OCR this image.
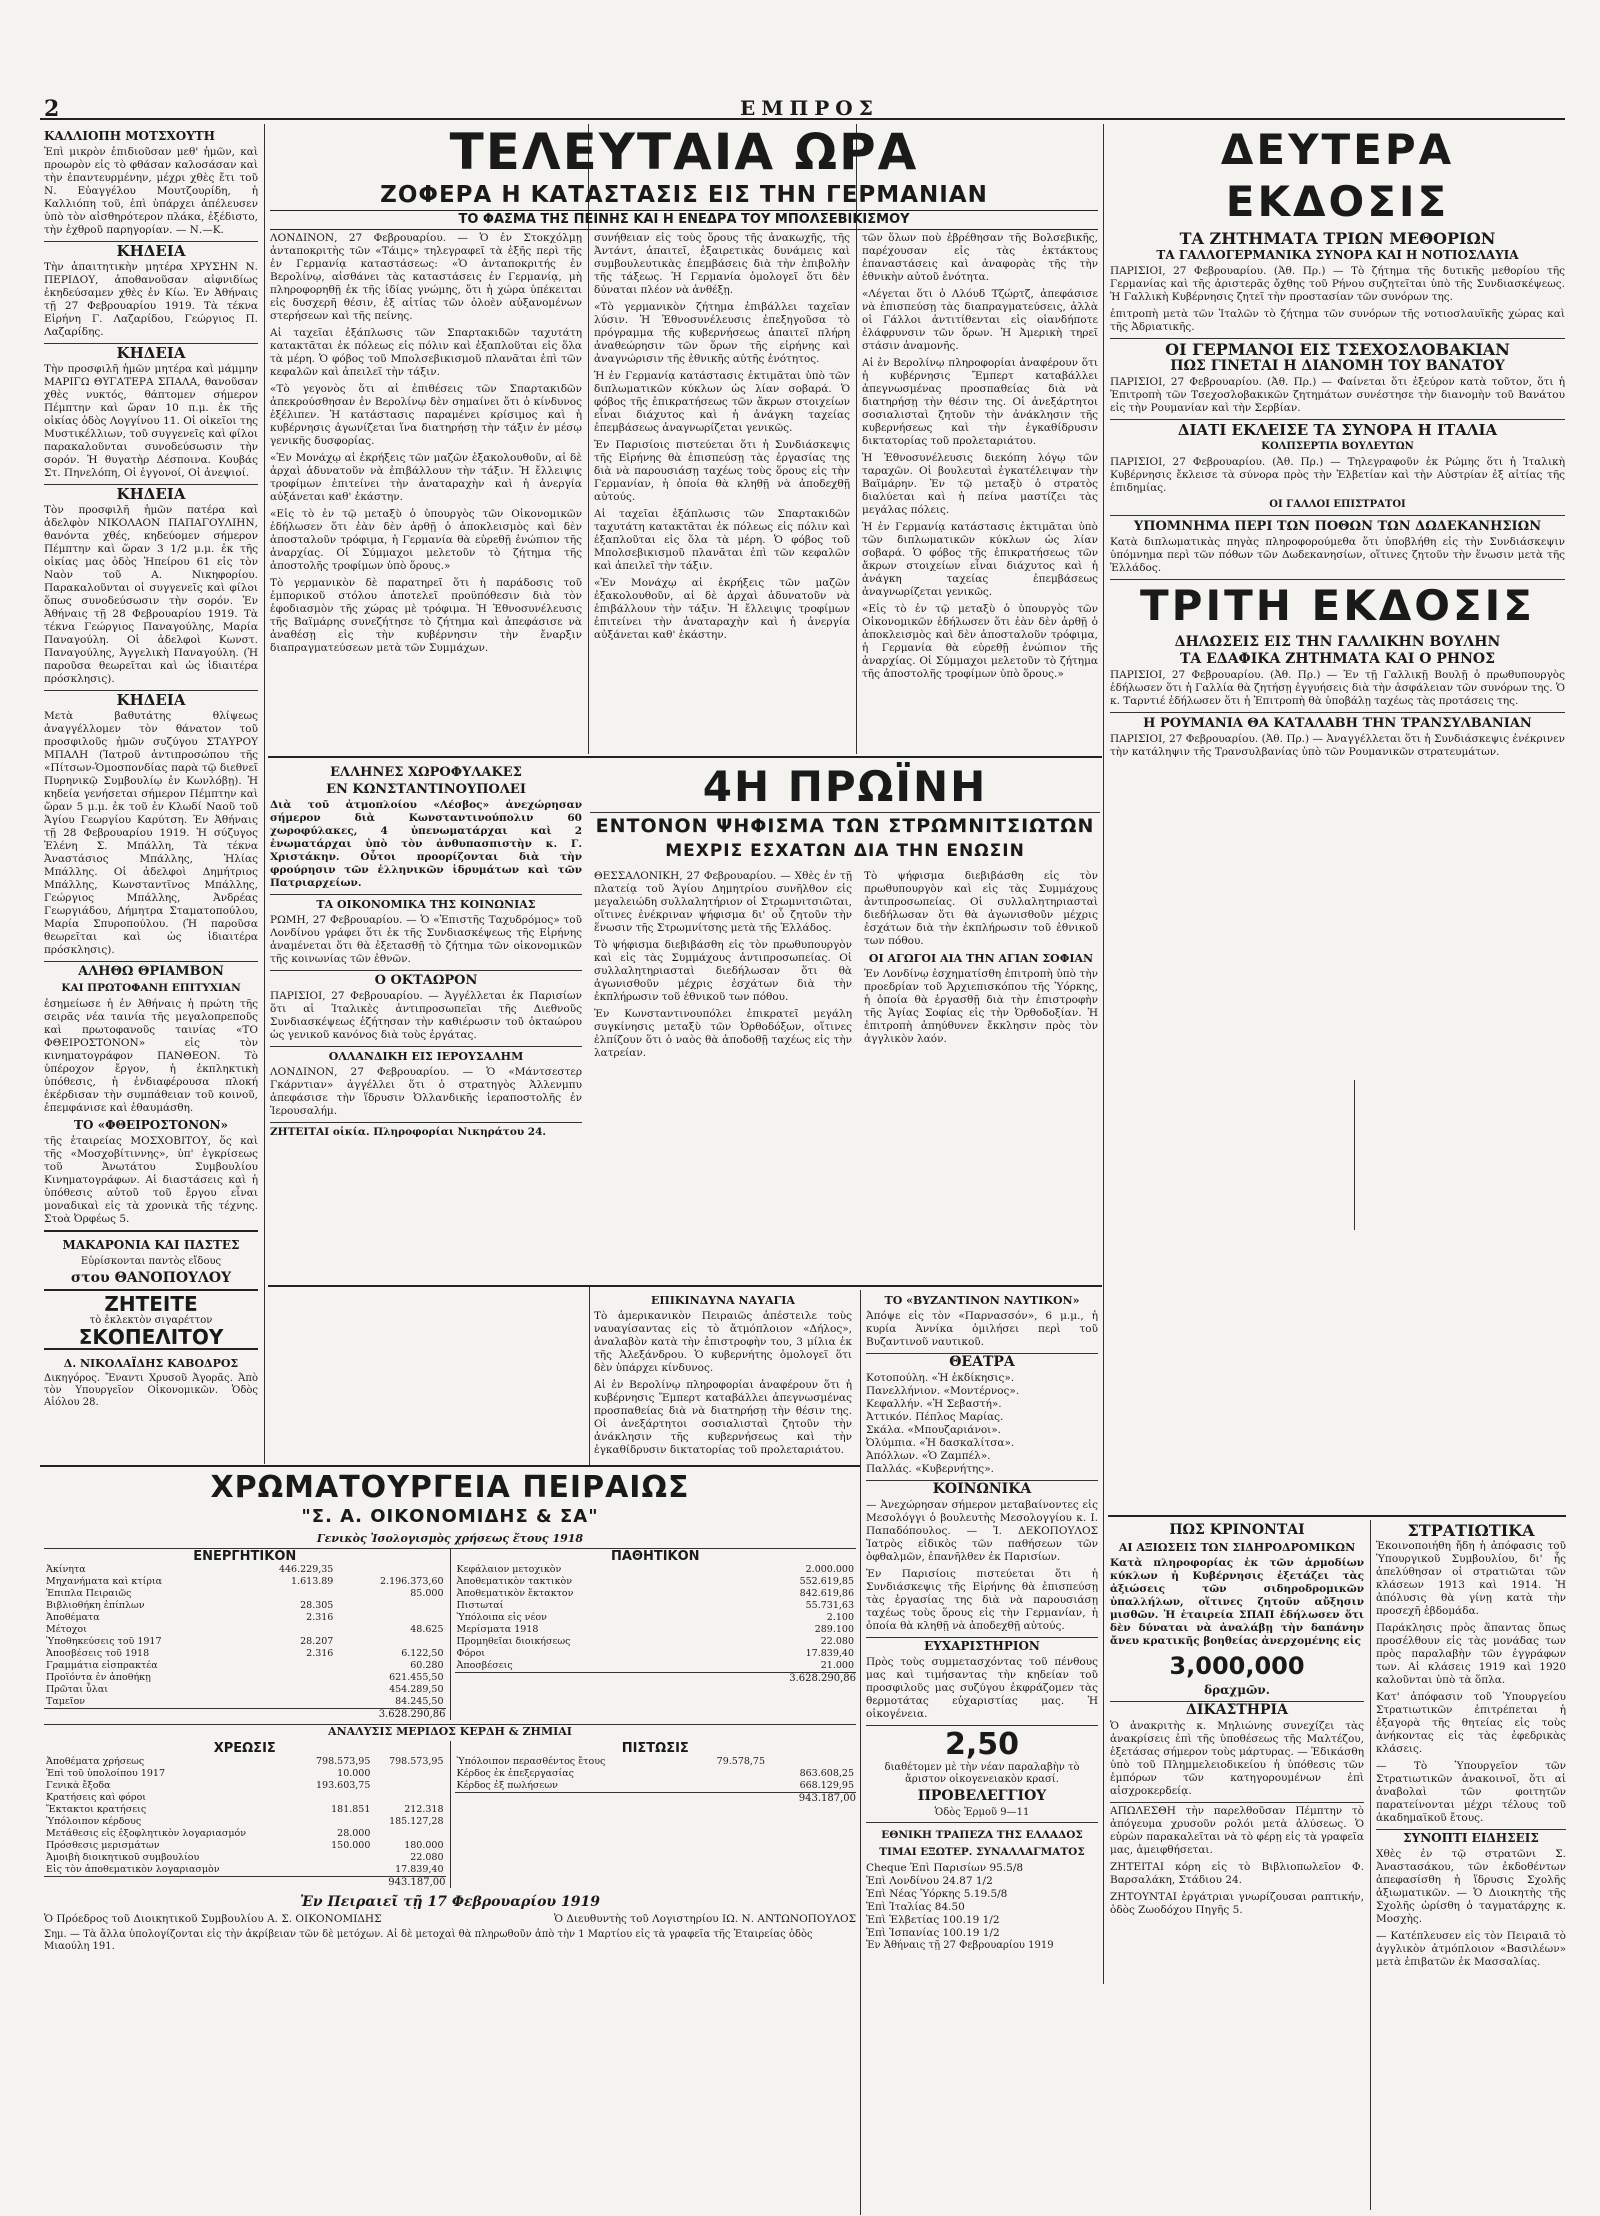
2	ΕΜΠΡΟΣ
ΚΑΛΛΙΟΠΗ ΜΟΤΣΧΟΥΤΗ

Ἐπὶ μικρὸν ἐπιδιοῦσαν μεθ' ἡμῶν, καὶ προωρὸν εἰς τὸ φθάσαν καλοσάσαν καὶ τὴν ἐπαντευρμένην, μέχρι χθὲς ἔτι τοῦ Ν. Εὐαγγέλου Μουτζουρίδη, ἡ Καλλιόπη τοῦ, ἐπὶ ὑπάρχει ἀπέλευσεν ὑπὸ τὸν αἰσθηρότερον πλάκα, ἐξέδιστο, τὴν ἐχθροῦ παρηγορίαν. — Ν.—Κ.

ΚΗΔΕΙΑ

Τὴν ἀπαιτητικὴν μητέρα ΧΡΥΣΗΝ Ν. ΠΕΡΙΔΟΥ, ἀποθανοῦσαν αἰφνιδίως ἐκηδεύσαμεν χθὲς ἐν Κίω. Ἐν Ἀθήναις τῇ 27 Φεβρουαρίου 1919. Τὰ τέκνα Εἰρήνη Γ. Λαζαρίδου, Γεώργιος Π. Λαζαρίδης.

ΚΗΔΕΙΑ

Τὴν προσφιλῆ ἡμῶν μητέρα καὶ μάμμην ΜΑΡΙΓΩ ΘΥΓΑΤΕΡΑ ΣΠΑΛΑ, θανοῦσαν χθὲς νυκτός, θάπτομεν σήμερον Πέμπτην καὶ ὥραν 10 π.μ. ἐκ τῆς οἰκίας ὁδὸς Λογγίνου 11. Οἱ οἰκεῖοι της Μυστικέλλιων, τοῦ συγγενεῖς καὶ φίλοι παρακαλοῦνται συνοδεύσωσιν τὴν σορόν. Ἡ θυγατὴρ Δέσποινα. Κουβάς Στ. Πηνελόπη, Οἱ ἐγγονοί, Οἱ ἀνεψιοί.

ΚΗΔΕΙΑ

Τὸν προσφιλῆ ἡμῶν πατέρα καὶ ἀδελφὸν ΝΙΚΟΛΑΟΝ ΠΑΠΑΓΟΥΛΙΗΝ, θανόντα χθές, κηδεύομεν σήμερον Πέμπτην καὶ ὥραν 3 1/2 μ.μ. ἐκ τῆς οἰκίας μας ὁδὸς Ἠπείρου 61 εἰς τὸν Ναὸν τοῦ Α. Νικηφορίου. Παρακαλοῦνται οἱ συγγενεῖς καὶ φίλοι ὅπως συνοδεύσωσιν τὴν σορόν. Ἐν Ἀθήναις τῇ 28 Φεβρουαρίου 1919. Τὰ τέκνα Γεώργιος Παναγούλης, Μαρία Παναγούλη. Οἱ ἀδελφοὶ Κωνστ. Παναγούλης, Ἀγγελικὴ Παναγούλη. (Ἡ παροῦσα θεωρεῖται καὶ ὡς ἰδιαιτέρα πρόσκλησις).

ΚΗΔΕΙΑ

Μετὰ βαθυτάτης θλίψεως ἀναγγέλλομεν τὸν θάνατον τοῦ προσφιλοῦς ἡμῶν συζύγου ΣΤΑΥΡΟΥ ΜΠΑΛΗ (Ἰατροῦ ἀντιπροσώπου τῆς «Πίτσων-Ὁμοσπονδίας παρὰ τῷ διεθνεῖ Πυρηνικῷ Συμβουλίῳ ἐν Κωνλόβῃ). Ἡ κηδεία γενήσεται σήμερον Πέμπτην καὶ ὥραν 5 μ.μ. ἐκ τοῦ ἐν Κλωδί Ναοῦ τοῦ Ἁγίου Γεωργίου Καρύτση. Ἐν Ἀθήναις τῇ 28 Φεβρουαρίου 1919. Ἡ σύζυγος Ἑλένη Σ. Μπάλλη, Τὰ τέκνα Ἀναστάσιος Μπάλλης, Ἠλίας Μπάλλης. Οἱ ἀδελφοὶ Δημήτριος Μπάλλης, Κωνσταντῖνος Μπάλλης, Γεώργιος Μπάλλης, Ἀνδρέας Γεωργιάδου, Δήμητρα Σταματοπούλου, Μαρία Σπυροπούλου. (Ἡ παροῦσα θεωρεῖται καὶ ὡς ἰδιαιτέρα πρόσκλησις).

ΑΛΗΘΩ ΘΡΙΑΜΒΟΝ
ΚΑΙ ΠΡΩΤΟΦΑΝΗ ΕΠΙΤΥΧΙΑΝ

ἐσημείωσε ἡ ἐν Ἀθήναις ἡ πρώτη τῆς σειρᾶς νέα ταινία τῆς μεγαλοπρεποῦς καὶ πρωτοφανοῦς ταινίας «ΤΟ ΦΘΕΙΡΟΣΤΟΝΟΝ» εἰς τὸν κινηματογράφον ΠΑΝΘΕΟΝ. Τὸ ὑπέροχον ἔργον, ἡ ἐκπληκτικὴ ὑπόθεσις, ἡ ἐνδιαφέρουσα πλοκή ἐκέρδισαν τὴν συμπάθειαν τοῦ κοινοῦ, ἐπεμφάνισε καὶ ἐθαυμάσθη.

ΤΟ «ΦΘΕΙΡΟΣΤΟΝΟΝ»

τῆς ἐταιρείας ΜΟΣΧΟΒΙΤΟΥ, ὅς καὶ τῆς «Μοσχοβίτιννης», ὑπ' ἐγκρίσεως τοῦ Ἀνωτάτου Συμβουλίου Κινηματογράφων. Αἱ διαστάσεις καὶ ἡ ὑπόθεσις αὐτοῦ τοῦ ἔργου εἶναι μοναδικαὶ εἰς τὰ χρονικὰ τῆς τέχνης. Στοὰ Ὀρφέως 5.

ΜΑΚΑΡΟΝΙΑ ΚΑΙ ΠΑΣΤΕΣ
Εὑρίσκονται παντὸς εἴδους
στου ΘΑΝΟΠΟΥΛΟΥ
ΖΗΤΕΙΤΕ
τὸ ἐκλεκτὸν σιγαρέττον
ΣΚΟΠΕΛΙΤΟΥ
Δ. ΝΙΚΟΛΑΪΔΗΣ ΚΑΒΟΔΡΟΣ

Δικηγόρος. Ἔναντι Χρυσοῦ Ἀγορᾶς. Ἀπὸ τὸν Υπουργεῖον Οἰκονομικῶν. Ὁδὸς Αἰόλου 28.

ΤΕΛΕΥΤΑΙΑ ΩΡΑ
ΖΟΦΕΡΑ Η ΚΑΤΑΣΤΑΣΙΣ ΕΙΣ ΤΗΝ ΓΕΡΜΑΝΙΑΝ
ΤΟ ΦΑΣΜΑ ΤΗΣ ΠΕΙΝΗΣ ΚΑΙ Η ΕΝΕΔΡΑ ΤΟΥ ΜΠΟΛΣΕΒΙΚΙΣΜΟΥ

ΛΟΝΔΙΝΟΝ, 27 Φεβρουαρίου. — Ὁ ἐν Στοκχόλμῃ ἀνταποκριτὴς τῶν «Τάιμς» τηλεγραφεῖ τὰ ἑξῆς περὶ τῆς ἐν Γερμανίᾳ καταστάσεως: «Ὁ ἀνταποκριτής ἐν Βερολίνῳ, αἰσθάνει τὰς καταστάσεις ἐν Γερμανίᾳ, μὴ πληροφορηθῇ ἐκ τῆς ἰδίας γνώμης, ὅτι ἡ χώρα ὑπέκειται εἰς δυσχερῆ θέσιν, ἐξ αἰτίας τῶν ὀλοὲν αὐξανομένων στερήσεων καὶ τῆς πείνης.

Αἱ ταχεῖαι ἐξάπλωσις τῶν Σπαρτακιδῶν ταχυτάτη κατακτᾶται ἐκ πόλεως εἰς πόλιν καὶ ἐξαπλοῦται εἰς ὅλα τὰ μέρη. Ὁ φόβος τοῦ Μπολσεβικισμοῦ πλανᾶται ἐπὶ τῶν κεφαλῶν καὶ ἀπειλεῖ τὴν τάξιν.

«Τὸ γεγονὸς ὅτι αἱ ἐπιθέσεις τῶν Σπαρτακιδῶν ἀπεκρούσθησαν ἐν Βερολίνῳ δὲν σημαίνει ὅτι ὁ κίνδυνος ἐξέλιπεν. Ἡ κατάστασις παραμένει κρίσιμος καὶ ἡ κυβέρνησις ἀγωνίζεται ἵνα διατηρήσῃ τὴν τάξιν ἐν μέσῳ γενικῆς δυσφορίας.

«Ἐν Μονάχῳ αἱ ἐκρήξεις τῶν μαζῶν ἐξακολουθοῦν, αἱ δὲ ἀρχαὶ ἀδυνατοῦν νὰ ἐπιβάλλουν τὴν τάξιν. Ἡ ἔλλειψις τροφίμων ἐπιτείνει τὴν ἀναταραχὴν καὶ ἡ ἀνεργία αὐξάνεται καθ' ἑκάστην.

«Εἰς τὸ ἐν τῷ μεταξὺ ὁ ὑπουργὸς τῶν Οἰκονομικῶν ἐδήλωσεν ὅτι ἐὰν δὲν ἀρθῇ ὁ ἀποκλεισμὸς καὶ δὲν ἀποσταλοῦν τρόφιμα, ἡ Γερμανία θὰ εὑρεθῇ ἐνώπιον τῆς ἀναρχίας. Οἱ Σύμμαχοι μελετοῦν τὸ ζήτημα τῆς ἀποστολῆς τροφίμων ὑπὸ ὅρους.»

Τὸ γερμανικὸν δὲ παρατηρεῖ ὅτι ἡ παράδοσις τοῦ ἐμπορικοῦ στόλου ἀποτελεῖ προϋπόθεσιν διὰ τὸν ἐφοδιασμὸν τῆς χώρας μὲ τρόφιμα. Ἡ Ἐθνοσυνέλευσις τῆς Βαϊμάρης συνεζήτησε τὸ ζήτημα καὶ ἀπεφάσισε νὰ ἀναθέσῃ εἰς τὴν κυβέρνησιν τὴν ἔναρξιν διαπραγματεύσεων μετὰ τῶν Συμμάχων.

συνήθειαν εἰς τοὺς ὅρους τῆς ἀνακωχῆς, τῆς Ἀντάντ, ἀπαιτεῖ, ἐξαιρετικὰς δυνάμεις καὶ συμβουλευτικὰς ἐπεμβάσεις διὰ τὴν ἐπιβολὴν τῆς τάξεως. Ἡ Γερμανία ὁμολογεῖ ὅτι δὲν δύναται πλέον νὰ ἀνθέξῃ.

«Τὸ γερμανικὸν ζήτημα ἐπιβάλλει ταχεῖαν λύσιν. Ἡ Ἐθνοσυνέλευσις ἐπεξηγοῦσα τὸ πρόγραμμα τῆς κυβερνήσεως ἀπαιτεῖ πλήρη ἀναθεώρησιν τῶν ὅρων τῆς εἰρήνης καὶ ἀναγνώρισιν τῆς ἐθνικῆς αὐτῆς ἑνότητος.

Ἡ ἐν Γερμανίᾳ κατάστασις ἐκτιμᾶται ὑπὸ τῶν διπλωματικῶν κύκλων ὡς λίαν σοβαρά. Ὁ φόβος τῆς ἐπικρατήσεως τῶν ἄκρων στοιχείων εἶναι διάχυτος καὶ ἡ ἀνάγκη ταχείας ἐπεμβάσεως ἀναγνωρίζεται γενικῶς.

Ἐν Παρισίοις πιστεύεται ὅτι ἡ Συνδιάσκεψις τῆς Εἰρήνης θὰ ἐπισπεύσῃ τὰς ἐργασίας της διὰ νὰ παρουσιάσῃ ταχέως τοὺς ὅρους εἰς τὴν Γερμανίαν, ἡ ὁποία θὰ κληθῇ νὰ ἀποδεχθῇ αὐτούς.

Αἱ ταχεῖαι ἐξάπλωσις τῶν Σπαρτακιδῶν ταχυτάτη κατακτᾶται ἐκ πόλεως εἰς πόλιν καὶ ἐξαπλοῦται εἰς ὅλα τὰ μέρη. Ὁ φόβος τοῦ Μπολσεβικισμοῦ πλανᾶται ἐπὶ τῶν κεφαλῶν καὶ ἀπειλεῖ τὴν τάξιν.

«Ἐν Μονάχῳ αἱ ἐκρήξεις τῶν μαζῶν ἐξακολουθοῦν, αἱ δὲ ἀρχαὶ ἀδυνατοῦν νὰ ἐπιβάλλουν τὴν τάξιν. Ἡ ἔλλειψις τροφίμων ἐπιτείνει τὴν ἀναταραχὴν καὶ ἡ ἀνεργία αὐξάνεται καθ' ἑκάστην.

τῶν ὅλων ποὺ ἐβρέθησαν τῆς Βολσεβικῆς, παρέχουσαν εἰς τὰς ἐκτάκτους ἐπαναστάσεις καὶ ἀναφορὰς τῆς τὴν ἐθνικὴν αὐτοῦ ἑνότητα.

«Λέγεται ὅτι ὁ Λλόυδ Τζώρτζ, ἀπεφάσισε νὰ ἐπισπεύσῃ τὰς διαπραγματεύσεις, ἀλλὰ οἱ Γάλλοι ἀντιτίθενται εἰς οἱανδήποτε ἐλάφρυνσιν τῶν ὅρων. Ἡ Ἀμερικὴ τηρεῖ στάσιν ἀναμονῆς.

Αἱ ἐν Βερολίνῳ πληροφορίαι ἀναφέρουν ὅτι ἡ κυβέρνησις Ἔμπερτ καταβάλλει ἀπεγνωσμένας προσπαθείας διὰ νὰ διατηρήσῃ τὴν θέσιν της. Οἱ ἀνεξάρτητοι σοσιαλισταὶ ζητοῦν τὴν ἀνάκλησιν τῆς κυβερνήσεως καὶ τὴν ἐγκαθίδρυσιν δικτατορίας τοῦ προλεταριάτου.

Ἡ Ἐθνοσυνέλευσις διεκόπη λόγῳ τῶν ταραχῶν. Οἱ βουλευταὶ ἐγκατέλειψαν τὴν Βαϊμάρην. Ἐν τῷ μεταξὺ ὁ στρατὸς διαλύεται καὶ ἡ πείνα μαστίζει τὰς μεγάλας πόλεις.

Ἡ ἐν Γερμανίᾳ κατάστασις ἐκτιμᾶται ὑπὸ τῶν διπλωματικῶν κύκλων ὡς λίαν σοβαρά. Ὁ φόβος τῆς ἐπικρατήσεως τῶν ἄκρων στοιχείων εἶναι διάχυτος καὶ ἡ ἀνάγκη ταχείας ἐπεμβάσεως ἀναγνωρίζεται γενικῶς.

«Εἰς τὸ ἐν τῷ μεταξὺ ὁ ὑπουργὸς τῶν Οἰκονομικῶν ἐδήλωσεν ὅτι ἐὰν δὲν ἀρθῇ ὁ ἀποκλεισμὸς καὶ δὲν ἀποσταλοῦν τρόφιμα, ἡ Γερμανία θὰ εὑρεθῇ ἐνώπιον τῆς ἀναρχίας. Οἱ Σύμμαχοι μελετοῦν τὸ ζήτημα τῆς ἀποστολῆς τροφίμων ὑπὸ ὅρους.»

ΔΕΥΤΕΡΑ ΕΚΔΟΣΙΣ
ΤΑ ΖΗΤΗΜΑΤΑ ΤΡΙΩΝ ΜΕΘΟΡΙΩΝ
ΤΑ ΓΑΛΛΟΓΕΡΜΑΝΙΚΑ ΣΥΝΟΡΑ ΚΑΙ Η ΝΟΤΙΟΣΛΑΥΙΑ

ΠΑΡΙΣΙΟΙ, 27 Φεβρουαρίου. (Ἀθ. Πρ.) — Τὸ ζήτημα τῆς δυτικῆς μεθορίου τῆς Γερμανίας καὶ τῆς ἀριστερᾶς ὄχθης τοῦ Ρήνου συζητεῖται ὑπὸ τῆς Συνδιασκέψεως. Ἡ Γαλλικὴ Κυβέρνησις ζητεῖ τὴν προστασίαν τῶν συνόρων της.

ἐπιτροπὴ μετὰ τῶν Ἰταλῶν τὸ ζήτημα τῶν συνόρων τῆς νοτιοσλαυϊκῆς χώρας καὶ τῆς Ἀδριατικῆς.

ΟΙ ΓΕΡΜΑΝΟΙ ΕΙΣ ΤΣΕΧΟΣΛΟΒΑΚΙΑΝ
ΠΩΣ ΓΙΝΕΤΑΙ Η ΔΙΑΝΟΜΗ ΤΟΥ ΒΑΝΑΤΟΥ

ΠΑΡΙΣΙΟΙ, 27 Φεβρουαρίου. (Ἀθ. Πρ.) — Φαίνεται ὅτι ἐξεύρον κατὰ τοῦτον, ὅτι ἡ Ἐπιτροπὴ τῶν Τσεχοσλοβακικῶν ζητημάτων συνέστησε τὴν διανομὴν τοῦ Βανάτου εἰς τὴν Ρουμανίαν καὶ τὴν Σερβίαν.

ΔΙΑΤΙ ΕΚΛΕΙΣΕ ΤΑ ΣΥΝΟΡΑ Η ΙΤΑΛΙΑ
ΚΟΛΠΣΕΡΤΙΑ ΒΟΥΛΕΥΤΩΝ

ΠΑΡΙΣΙΟΙ, 27 Φεβρουαρίου. (Ἀθ. Πρ.) — Τηλεγραφοῦν ἐκ Ρώμης ὅτι ἡ Ἰταλικὴ Κυβέρνησις ἔκλεισε τὰ σύνορα πρὸς τὴν Ἐλβετίαν καὶ τὴν Αὐστρίαν ἐξ αἰτίας τῆς ἐπιδημίας.

ΟΙ ΓΑΛΛΟΙ ΕΠΙΣΤΡΑΤΟΙ
ΥΠΟΜΝΗΜΑ ΠΕΡΙ ΤΩΝ ΠΟΘΩΝ ΤΩΝ ΔΩΔΕΚΑΝΗΣΙΩΝ

Κατὰ διπλωματικὰς πηγὰς πληροφορούμεθα ὅτι ὑποβλήθη εἰς τὴν Συνδιάσκεψιν ὑπόμνημα περὶ τῶν πόθων τῶν Δωδεκανησίων, οἵτινες ζητοῦν τὴν ἕνωσιν μετὰ τῆς Ἑλλάδος.

ΤΡΙΤΗ ΕΚΔΟΣΙΣ
ΔΗΛΩΣΕΙΣ ΕΙΣ ΤΗΝ ΓΑΛΛΙΚΗΝ ΒΟΥΛΗΝ
ΤΑ ΕΔΑΦΙΚΑ ΖΗΤΗΜΑΤΑ ΚΑΙ Ο ΡΗΝΟΣ

ΠΑΡΙΣΙΟΙ, 27 Φεβρουαρίου. (Ἀθ. Πρ.) — Ἐν τῇ Γαλλικῇ Βουλῇ ὁ πρωθυπουργὸς ἐδήλωσεν ὅτι ἡ Γαλλία θὰ ζητήσῃ ἐγγυήσεις διὰ τὴν ἀσφάλειαν τῶν συνόρων της. Ὁ κ. Ταρντιέ ἐδήλωσεν ὅτι ἡ Ἐπιτροπὴ θὰ ὑποβάλῃ ταχέως τὰς προτάσεις της.

Η ΡΟΥΜΑΝΙΑ ΘΑ ΚΑΤΑΛΑΒΗ ΤΗΝ ΤΡΑΝΣΥΛΒΑΝΙΑΝ

ΠΑΡΙΣΙΟΙ, 27 Φεβρουαρίου. (Ἀθ. Πρ.) — Ἀναγγέλλεται ὅτι ἡ Συνδιάσκεψις ἐνέκρινεν τὴν κατάληψιν τῆς Τρανσυλβανίας ὑπὸ τῶν Ρουμανικῶν στρατευμάτων.

ΕΛΛΗΝΕΣ ΧΩΡΟΦΥΛΑΚΕΣ
ΕΝ ΚΩΝΣΤΑΝΤΙΝΟΥΠΟΛΕΙ

Διὰ τοῦ ἀτμοπλοίου «Λέσβος» ἀνεχώρησαν σήμερον διὰ Κωνσταντινούπολιν 60 χωροφύλακες, 4 ὑπενωματάρχαι καὶ 2 ἐνωματάρχαι ὑπὸ τὸν ἀνθυπασπιστὴν κ. Γ. Χριστάκην. Οὗτοι προορίζονται διὰ τὴν φρούρησιν τῶν ἑλληνικῶν ἱδρυμάτων καὶ τῶν Πατριαρχείων.

ΤΑ ΟΙΚΟΝΟΜΙΚΑ ΤΗΣ ΚΟΙΝΩΝΙΑΣ

ΡΩΜΗ, 27 Φεβρουαρίου. — Ὁ «Ἐπιστῆς Ταχυδρόμος» τοῦ Λονδίνου γράφει ὅτι ἐκ τῆς Συνδιασκέψεως τῆς Εἰρήνης ἀναμένεται ὅτι θὰ ἐξετασθῇ τὸ ζήτημα τῶν οἰκονομικῶν τῆς κοινωνίας τῶν ἐθνῶν.

Ο ΟΚΤΑΩΡΟΝ

ΠΑΡΙΣΙΟΙ, 27 Φεβρουαρίου. — Ἀγγέλλεται ἐκ Παρισίων ὅτι αἱ Ἰταλικὲς ἀντιπροσωπεῖαι τῆς Διεθνοῦς Συνδιασκέψεως ἐζήτησαν τὴν καθιέρωσιν τοῦ ὀκταώρου ὡς γενικοῦ κανόνος διὰ τοὺς ἐργάτας.

ΟΛΛΑΝΔΙΚΗ ΕΙΣ ΙΕΡΟΥΣΑΛΗΜ

ΛΟΝΔΙΝΟΝ, 27 Φεβρουαρίου. — Ὁ «Μάντσεστερ Γκάρντιαν» ἀγγέλλει ὅτι ὁ στρατηγὸς Ἀλλενμπυ ἀπεφάσισε τὴν ἵδρυσιν Ὀλλανδικῆς ἱεραποστολῆς ἐν Ἱερουσαλήμ.

ΖΗΤΕΙΤΑΙ οἰκία. Πληροφορίαι Νικηράτου 24.

4Η ΠΡΩΪΝΗ
ΕΝΤΟΝΟΝ ΨΗΦΙΣΜΑ ΤΩΝ ΣΤΡΩΜΝΙΤΣΙΩΤΩΝ
ΜΕΧΡΙΣ ΕΣΧΑΤΩΝ ΔΙΑ ΤΗΝ ΕΝΩΣΙΝ

ΘΕΣΣΑΛΟΝΙΚΗ, 27 Φεβρουαρίου. — Χθὲς ἐν τῇ πλατείᾳ τοῦ Ἁγίου Δημητρίου συνῆλθον εἰς μεγαλειώδη συλλαλητήριον οἱ Στρωμνιτσιῶται, οἵτινες ἐνέκριναν ψήφισμα δι' οὗ ζητοῦν τὴν ἕνωσιν τῆς Στρωμνίτσης μετὰ τῆς Ἑλλάδος.

Τὸ ψήφισμα διεβιβάσθη εἰς τὸν πρωθυπουργὸν καὶ εἰς τὰς Συμμάχους ἀντιπροσωπείας. Οἱ συλλαλητηριασταὶ διεδήλωσαν ὅτι θὰ ἀγωνισθοῦν μέχρις ἐσχάτων διὰ τὴν ἐκπλήρωσιν τοῦ ἐθνικοῦ των πόθου.

Ἐν Κωνσταντινουπόλει ἐπικρατεῖ μεγάλη συγκίνησις μεταξὺ τῶν Ὀρθοδόξων, οἵτινες ἐλπίζουν ὅτι ὁ ναὸς θὰ ἀποδοθῇ ταχέως εἰς τὴν λατρείαν.

Τὸ ψήφισμα διεβιβάσθη εἰς τὸν πρωθυπουργὸν καὶ εἰς τὰς Συμμάχους ἀντιπροσωπείας. Οἱ συλλαλητηριασταὶ διεδήλωσαν ὅτι θὰ ἀγωνισθοῦν μέχρις ἐσχάτων διὰ τὴν ἐκπλήρωσιν τοῦ ἐθνικοῦ των πόθου.

ΟΙ ΑΓΩΓΟΙ ΑΙΑ ΤΗΝ ΑΓΙΑΝ ΣΟΦΙΑΝ

Ἐν Λονδίνῳ ἐσχηματίσθη ἐπιτροπὴ ὑπὸ τὴν προεδρίαν τοῦ Ἀρχιεπισκόπου τῆς Ὑόρκης, ἡ ὁποία θὰ ἐργασθῇ διὰ τὴν ἐπιστροφὴν τῆς Ἁγίας Σοφίας εἰς τὴν Ὀρθοδοξίαν. Ἡ ἐπιτροπὴ ἀπηύθυνεν ἔκκλησιν πρὸς τὸν ἀγγλικὸν λαόν.

ΕΠΙΚΙΝΔΥΝΑ ΝΑΥΑΓΙΑ

Τὸ ἀμερικανικὸν Πειραιῶς ἀπέστειλε τοὺς ναυαγίσαντας εἰς τὸ ἄτμόπλοιον «Δήλος», ἀναλαβὸν κατὰ τὴν ἐπιστροφὴν του, 3 μίλια ἐκ τῆς Ἀλεξάνδρου. Ὁ κυβερνήτης ὁμολογεῖ ὅτι δὲν ὑπάρχει κίνδυνος.

Αἱ ἐν Βερολίνῳ πληροφορίαι ἀναφέρουν ὅτι ἡ κυβέρνησις Ἔμπερτ καταβάλλει ἀπεγνωσμένας προσπαθείας διὰ νὰ διατηρήσῃ τὴν θέσιν της. Οἱ ἀνεξάρτητοι σοσιαλισταὶ ζητοῦν τὴν ἀνάκλησιν τῆς κυβερνήσεως καὶ τὴν ἐγκαθίδρυσιν δικτατορίας τοῦ προλεταριάτου.

ΤΟ «ΒΥΖΑΝΤΙΝΟΝ ΝΑΥΤΙΚΟΝ»

Ἀπόψε εἰς τὸν «Παρνασσόν», 6 μ.μ., ἡ κυρία Ἀννίκα ὁμιλήσει περὶ τοῦ Βυζαντινοῦ ναυτικοῦ.

ΘΕΑΤΡΑ
Κοτοπούλη. «Ἡ ἐκδίκησις».
Πανελλήνιον. «Μοντέρνος».
Κεφαλλήν. «Ἡ Σεβαστή».
Ἀττικόν. Πέπλος Μαρίας.
Σκάλα. «Μπουζαριάνοι».
Ὀλύμπια. «Ἡ δασκαλίτσα».
Ἀπόλλων. «Ὁ Ζαμπέλ».
Παλλάς. «Κυβερνήτης».
ΚΟΙΝΩΝΙΚΑ

— Ἀνεχώρησαν σήμερον μεταβαίνοντες εἰς Μεσολόγγι ὁ βουλευτὴς Μεσολογγίου κ. Ι. Παπαδόπουλος. — Ἰ. ΔΕΚΟΠΟΥΛΟΣ Ἰατρὸς εἰδικὸς τῶν παθήσεων τῶν ὀφθαλμῶν, ἐπανῆλθεν ἐκ Παρισίων.

Ἐν Παρισίοις πιστεύεται ὅτι ἡ Συνδιάσκεψις τῆς Εἰρήνης θὰ ἐπισπεύσῃ τὰς ἐργασίας της διὰ νὰ παρουσιάσῃ ταχέως τοὺς ὅρους εἰς τὴν Γερμανίαν, ἡ ὁποία θὰ κληθῇ νὰ ἀποδεχθῇ αὐτούς.

ΕΥΧΑΡΙΣΤΗΡΙΟΝ

Πρὸς τοὺς συμμετασχόντας τοῦ πένθους μας καὶ τιμήσαντας τὴν κηδείαν τοῦ προσφιλοῦς μας συζύγου ἐκφράζομεν τὰς θερμοτάτας εὐχαριστίας μας. Ἡ οἰκογένεια.

2,50

διαθέτομεν μὲ τὴν νέαν παραλαβὴν τὸ ἄριστον οἰκογενειακὸν κρασί.

ΠΡΟΒΕΛΕΓΓΙΟΥ
Ὁδὸς Ἐρμοῦ 9—11
ΕΘΝΙΚΗ ΤΡΑΠΕΖΑ ΤΗΣ ΕΛΛΑΔΟΣ
ΤΙΜΑΙ ΕΞΩΤΕΡ. ΣΥΝΑΛΛΑΓΜΑΤΟΣ
Cheque Ἐπὶ Παρισίων 95.5/8
Ἐπὶ Λονδίνου 24.87 1/2
Ἐπὶ Νέας Ὑόρκης 5.19.5/8
Ἐπὶ Ἰταλίας 84.50
Ἐπὶ Ἑλβετίας 100.19 1/2
Ἐπὶ Ἱσπανίας 100.19 1/2
Ἐν Ἀθήναις τῇ 27 Φεβρουαρίου 1919
ΠΩΣ ΚΡΙΝΟΝΤΑΙ
ΑΙ ΑΞΙΩΣΕΙΣ ΤΩΝ ΣΙΔΗΡΟΔΡΟΜΙΚΩΝ

Κατὰ πληροφορίας ἐκ τῶν ἁρμοδίων κύκλων ἡ Κυβέρνησις ἐξετάζει τὰς ἀξιώσεις τῶν σιδηροδρομικῶν ὑπαλλήλων, οἵτινες ζητοῦν αὔξησιν μισθῶν. Ἡ ἐταιρεία ΣΠΑΠ ἐδήλωσεν ὅτι δὲν δύναται νὰ ἀναλάβῃ τὴν δαπάνην ἄνευ κρατικῆς βοηθείας ἀνερχομένης εἰς

3,000,000
δραχμῶν.
ΔΙΚΑΣΤΗΡΙΑ

Ὁ ἀνακριτὴς κ. Μηλιώνης συνεχίζει τὰς ἀνακρίσεις ἐπὶ τῆς ὑποθέσεως τῆς Μαλτέζου, ἐξετάσας σήμερον τοὺς μάρτυρας. — Ἐδικάσθη ὑπὸ τοῦ Πλημμελειοδικείου ἡ ὑπόθεσις τῶν ἐμπόρων τῶν κατηγορουμένων ἐπὶ αἰσχροκερδείᾳ.

ΑΠΩΛΕΣΘΗ τὴν παρελθοῦσαν Πέμπτην τὸ ἀπόγευμα χρυσοῦν ρολόι μετὰ ἁλύσεως. Ὁ εὑρὼν παρακαλεῖται νὰ τὸ φέρῃ εἰς τὰ γραφεῖα μας, ἀμειφθήσεται.

ΖΗΤΕΙΤΑΙ κόρη εἰς τὸ Βιβλιοπωλεῖον Φ. Βαρσαλάκη, Στάδιου 24.

ΖΗΤΟΥΝΤΑΙ ἐργάτριαι γνωρίζουσαι ραπτικήν, ὁδὸς Ζωοδόχου Πηγῆς 5.

ΣΤΡΑΤΙΩΤΙΚΑ

Ἐκοινοποιήθη ἤδη ἡ ἀπόφασις τοῦ Ὑπουργικοῦ Συμβουλίου, δι' ἧς ἀπελύθησαν οἱ στρατιῶται τῶν κλάσεων 1913 καὶ 1914. Ἡ ἀπόλυσις θὰ γίνῃ κατὰ τὴν προσεχῆ ἑβδομάδα.

Παράκλησις πρὸς ἅπαντας ὅπως προσέλθουν εἰς τὰς μονάδας των πρὸς παραλαβὴν τῶν ἐγγράφων των. Αἱ κλάσεις 1919 καὶ 1920 καλοῦνται ὑπὸ τὰ ὅπλα.

Κατ' ἀπόφασιν τοῦ Ὑπουργείου Στρατιωτικῶν ἐπιτρέπεται ἡ ἐξαγορὰ τῆς θητείας εἰς τοὺς ἀνήκοντας εἰς τὰς ἐφεδρικὰς κλάσεις.

— Τὸ Ὑπουργεῖον τῶν Στρατιωτικῶν ἀνακοινοῖ, ὅτι αἱ ἀναβολαὶ τῶν φοιτητῶν παρατείνονται μέχρι τέλους τοῦ ἀκαδημαϊκοῦ ἔτους.

ΣΥΝΟΠΤΙ ΕΙΔΗΣΕΙΣ

Χθὲς ἐν τῷ στρατῶνι Σ. Ἀναστασάκου, τῶν ἐκδοθέντων ἀπεφασίσθη ἡ ἵδρυσις Σχολῆς ἀξιωματικῶν. — Ὁ Διοικητὴς τῆς Σχολῆς ὡρίσθη ὁ ταγματάρχης κ. Μοσχὴς.

— Κατέπλευσεν εἰς τὸν Πειραιᾶ τὸ ἀγγλικὸν ἀτμόπλοιον «Βασιλέων» μετὰ ἐπιβατῶν ἐκ Μασσαλίας.

ΧΡΩΜΑΤΟΥΡΓΕΙΑ ΠΕΙΡΑΙΩΣ
"Σ. Α. ΟΙΚΟΝΟΜΙΔΗΣ & ΣΑ"
Γενικὸς Ἰσολογισμὸς χρήσεως ἔτους 1918
ΕΝΕΡΓΗΤΙΚΟΝ
Ἀκίνητα	446.229,35	
Μηχανήματα καὶ κτίρια	1.613.89	2.196.373,60
Ἐπιπλα Πειραιῶς		85.000
Βιβλιοθήκη ἐπίπλων	28.305	
Ἀποθέματα	2.316	
Μέτοχοι		48.625
Ὑποθηκεύσεις τοῦ 1917	28.207	
Ἀποσβέσεις τοῦ 1918	2.316	6.122,50
Γραμμάτια εἰσπρακτέα		60.280
Προϊόντα ἐν ἀποθήκῃ		621.455,50
Πρῶται ὗλαι		454.289,50
Ταμεῖον		84.245,50
3.628.290,86
ΠΑΘΗΤΙΚΟΝ
Κεφάλαιον μετοχικὸν		2.000.000
Ἀποθεματικὸν τακτικὸν		552.619,85
Ἀποθεματικὸν ἔκτακτον		842.619,86
Πιστωταί		55.731,63
Ὑπόλοιπα εἰς νέον		2.100
Μερίσματα 1918		289.100
Προμηθεῖαι διοικήσεως		22.080
Φόροι		17.839,40
Ἀποσβέσεις		21.000
3.628.290,86
ΑΝΑΛΥΣΙΣ ΜΕΡΙΔΟΣ ΚΕΡΔΗ & ΖΗΜΙΑΙ
ΧΡΕΩΣΙΣ
Ἀποθέματα χρήσεως	798.573,95	798.573,95
Ἐπὶ τοῦ ὑπολοίπου 1917	10.000	
Γενικὰ ἔξοδα	193.603,75	
Κρατήσεις καὶ φόροι		
Ἔκτακτοι κρατήσεις	181.851	212.318
Ὑπόλοιπον κέρδους		185.127,28
Μετάθεσις εἰς ἐξοφλητικὸν λογαριασμόν	28.000	
Πρόσθεσις μερισμάτων	150.000	180.000
Ἀμοιβὴ διοικητικοῦ συμβουλίου		22.080
Εἰς τὸν ἀποθεματικὸν λογαριασμὸν		17.839,40
943.187,00
ΠΙΣΤΩΣΙΣ
Ὑπόλοιπον περασθέντος ἔτους	79.578,75	
Κέρδος ἐκ ἐπεξεργασίας		863.608,25
Κέρδος ἐξ πωλήσεων		668.129,95
943.187,00
Ἐν Πειραιεῖ τῇ 17 Φεβρουαρίου 1919
Ὁ Πρόεδρος τοῦ Διοικητικοῦ Συμβουλίου Α. Σ. ΟΙΚΟΝΟΜΙΔΗΣ	Ὁ Διευθυντὴς τοῦ Λογιστηρίου ΙΩ. Ν. ΑΝΤΩΝΟΠΟΥΛΟΣ

Σημ. — Τὰ ἄλλα ὑπολογίζονται εἰς τὴν ἀκρίβειαν τῶν δὲ μετόχων. Αἱ δὲ μετοχαὶ θὰ πληρωθοῦν ἀπὸ τὴν 1 Μαρτίου εἰς τὰ γραφεῖα τῆς Ἐταιρείας ὁδὸς Μιαούλη 191.
